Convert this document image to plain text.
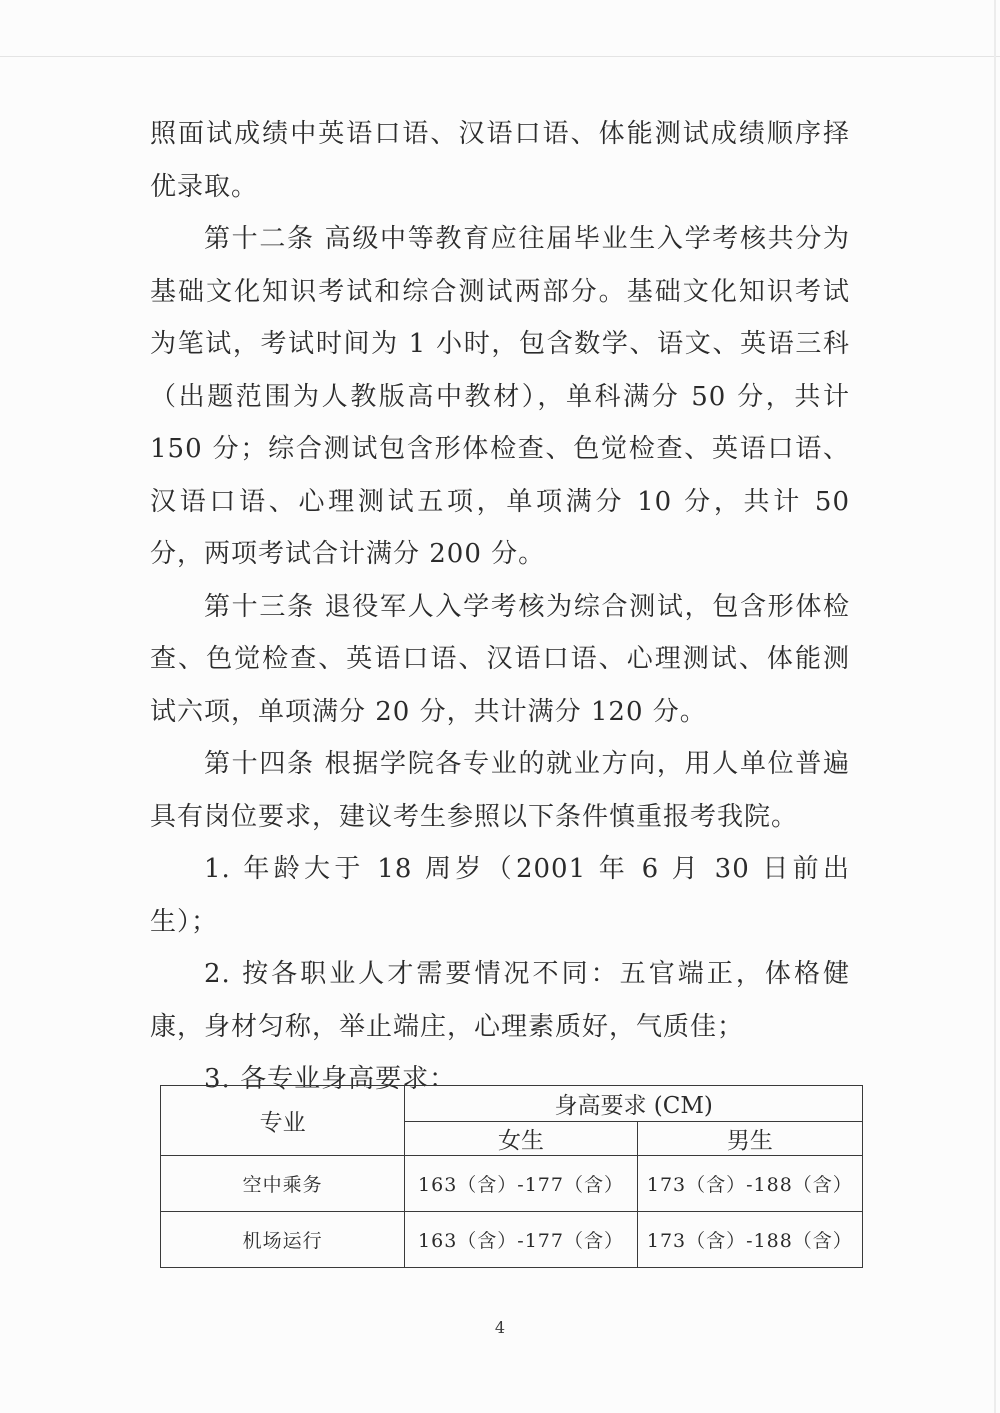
照面试成绩中英语口语、汉语口语、体能测试成绩顺序择优录取。

第十二条 高级中等教育应往届毕业生入学考核共分为基础文化知识考试和综合测试两部分。基础文化知识考试为笔试，考试时间为 1 小时，包含数学、语文、英语三科（出题范围为人教版高中教材），单科满分 50 分，共计 150 分；综合测试包含形体检查、色觉检查、英语口语、汉语口语、心理测试五项，单项满分 10 分，共计 50 分，两项考试合计满分 200 分。

第十三条 退役军人入学考核为综合测试，包含形体检查、色觉检查、英语口语、汉语口语、心理测试、体能测试六项，单项满分 20 分，共计满分 120 分。

第十四条 根据学院各专业的就业方向，用人单位普遍具有岗位要求，建议考生参照以下条件慎重报考我院。

1. 年龄大于 18 周岁（2001 年 6 月 30 日前出生）；

2. 按各职业人才需要情况不同：五官端正，体格健康，身材匀称，举止端庄，心理素质好，气质佳；

3. 各专业身高要求：

专业	身高要求 (CM)	
	女生	男生
空中乘务	163（含）-177（含）	173（含）-188（含）
机场运行	163（含）-177（含）	173（含）-188（含）
4
